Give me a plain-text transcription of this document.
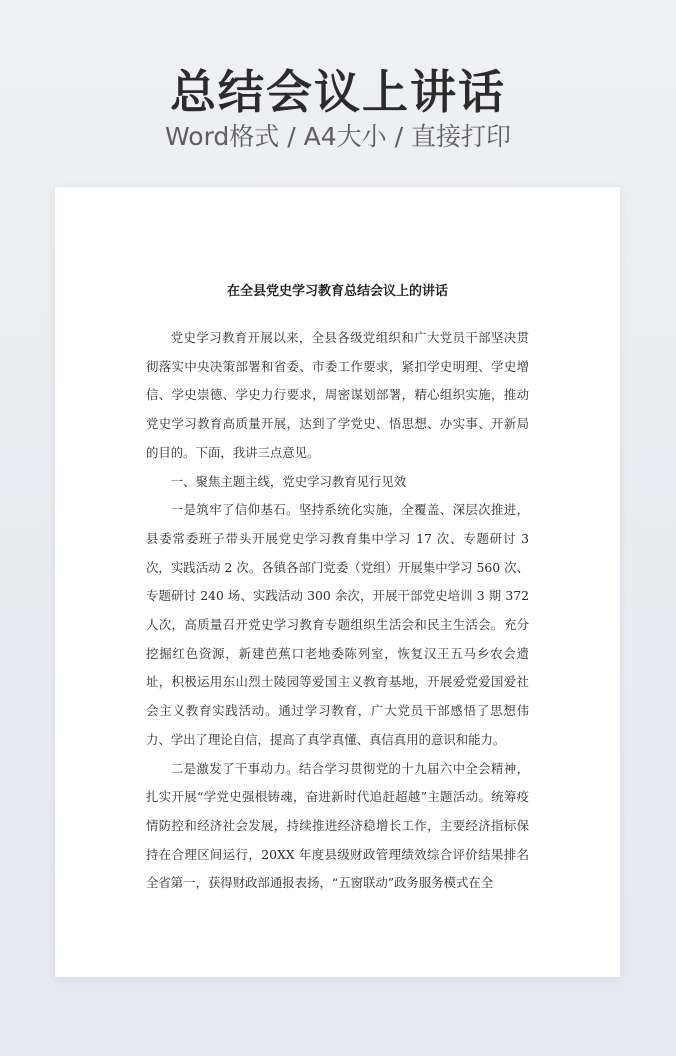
总结会议上讲话
Word格式 / A4大小 / 直接打印
在全县党史学习教育总结会议上的讲话

党史学习教育开展以来，全县各级党组织和广大党员干部坚决贯彻落实中央决策部署和省委、市委工作要求，紧扣学史明理、学史增信、学史崇德、学史力行要求，周密谋划部署，精心组织实施，推动党史学习教育高质量开展，达到了学党史、悟思想、办实事、开新局的目的。下面，我讲三点意见。

一、聚焦主题主线，党史学习教育见行见效

一是筑牢了信仰基石。坚持系统化实施，全覆盖、深层次推进，县委常委班子带头开展党史学习教育集中学习 17 次、专题研讨 3 次，实践活动 2 次。各镇各部门党委（党组）开展集中学习 560 次、专题研讨 240 场、实践活动 300 余次，开展干部党史培训 3 期 372 人次，高质量召开党史学习教育专题组织生活会和民主生活会。充分挖掘红色资源，新建芭蕉口老地委陈列室，恢复汉王五马乡农会遗址，积极运用东山烈士陵园等爱国主义教育基地，开展爱党爱国爱社会主义教育实践活动。通过学习教育，广大党员干部感悟了思想伟力、学出了理论自信，提高了真学真懂、真信真用的意识和能力。

二是激发了干事动力。结合学习贯彻党的十九届六中全会精神，扎实开展“学党史强根铸魂，奋进新时代追赶超越”主题活动。统筹疫情防控和经济社会发展，持续推进经济稳增长工作，主要经济指标保持在合理区间运行，20XX 年度县级财政管理绩效综合评价结果排名全省第一，获得财政部通报表扬，“五窗联动”政务服务模式在全
